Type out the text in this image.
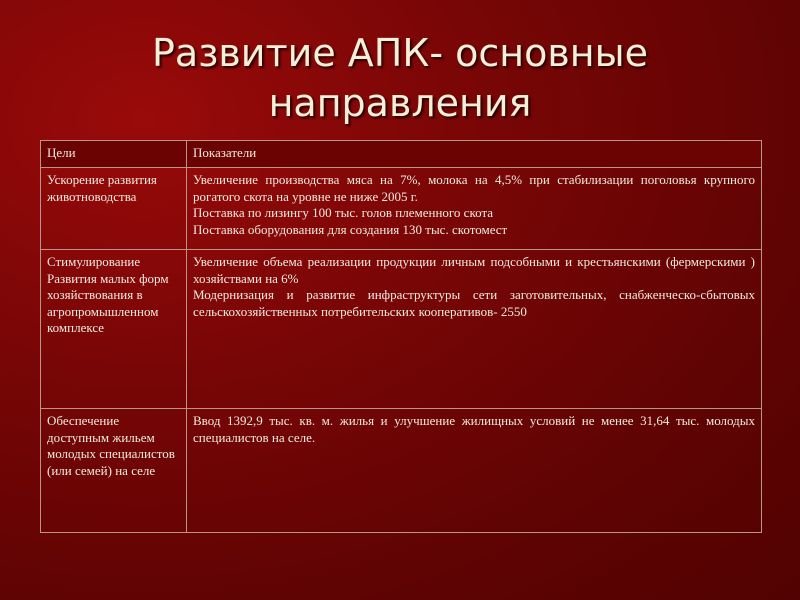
Развитие АПК- основные
направления
Цели	Показатели
Ускорение развития животноводства	Увеличение производства мяса на 7%, молока на 4,5% при стабилизации поголовья крупного рогатого скота на уровне не ниже 2005 г.
Поставка по лизингу 100 тыс. голов племенного скота
Поставка оборудования для создания 130 тыс. скотомест

Стимулирование Развития малых форм хозяйствования в агропромышленном комплексе	Увеличение объема реализации продукции личным подсобными и крестьянскими (фермерскими ) хозяйствами на 6%
Модернизация и развитие инфраструктуры сети заготовительных, снабженческо-сбытовых сельскохозяйственных потребительских кооперативов- 2550

Обеспечение доступным жильем молодых специалистов (или семей) на селе	Ввод 1392,9 тыс. кв. м. жилья и улучшение жилищных условий не менее 31,64 тыс. молодых специалистов на селе.
